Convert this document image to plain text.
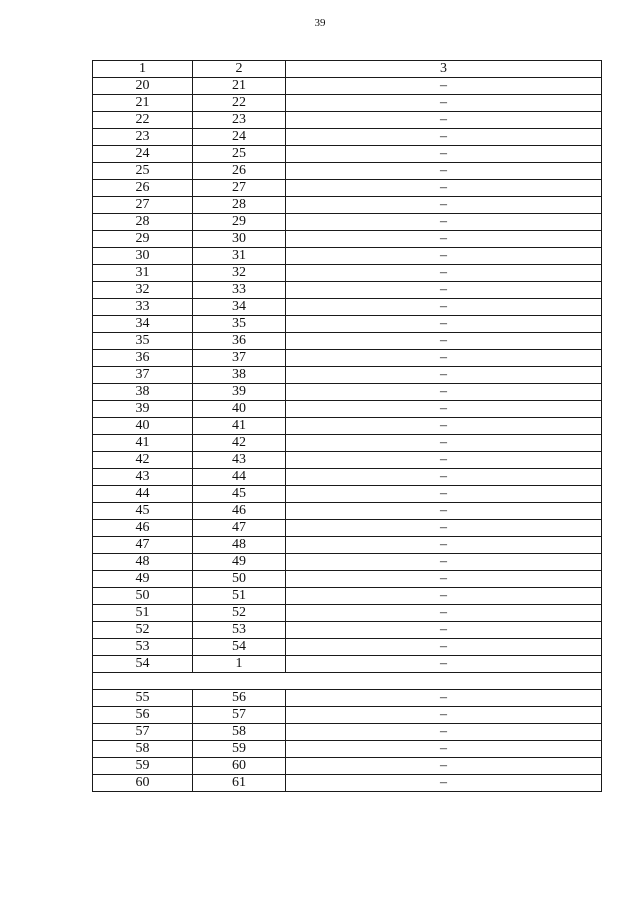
39
1	2	3
20	21	–
21	22	–
22	23	–
23	24	–
24	25	–
25	26	–
26	27	–
27	28	–
28	29	–
29	30	–
30	31	–
31	32	–
32	33	–
33	34	–
34	35	–
35	36	–
36	37	–
37	38	–
38	39	–
39	40	–
40	41	–
41	42	–
42	43	–
43	44	–
44	45	–
45	46	–
46	47	–
47	48	–
48	49	–
49	50	–
50	51	–
51	52	–
52	53	–
53	54	–
54	1	–

55	56	–
56	57	–
57	58	–
58	59	–
59	60	–
60	61	–
